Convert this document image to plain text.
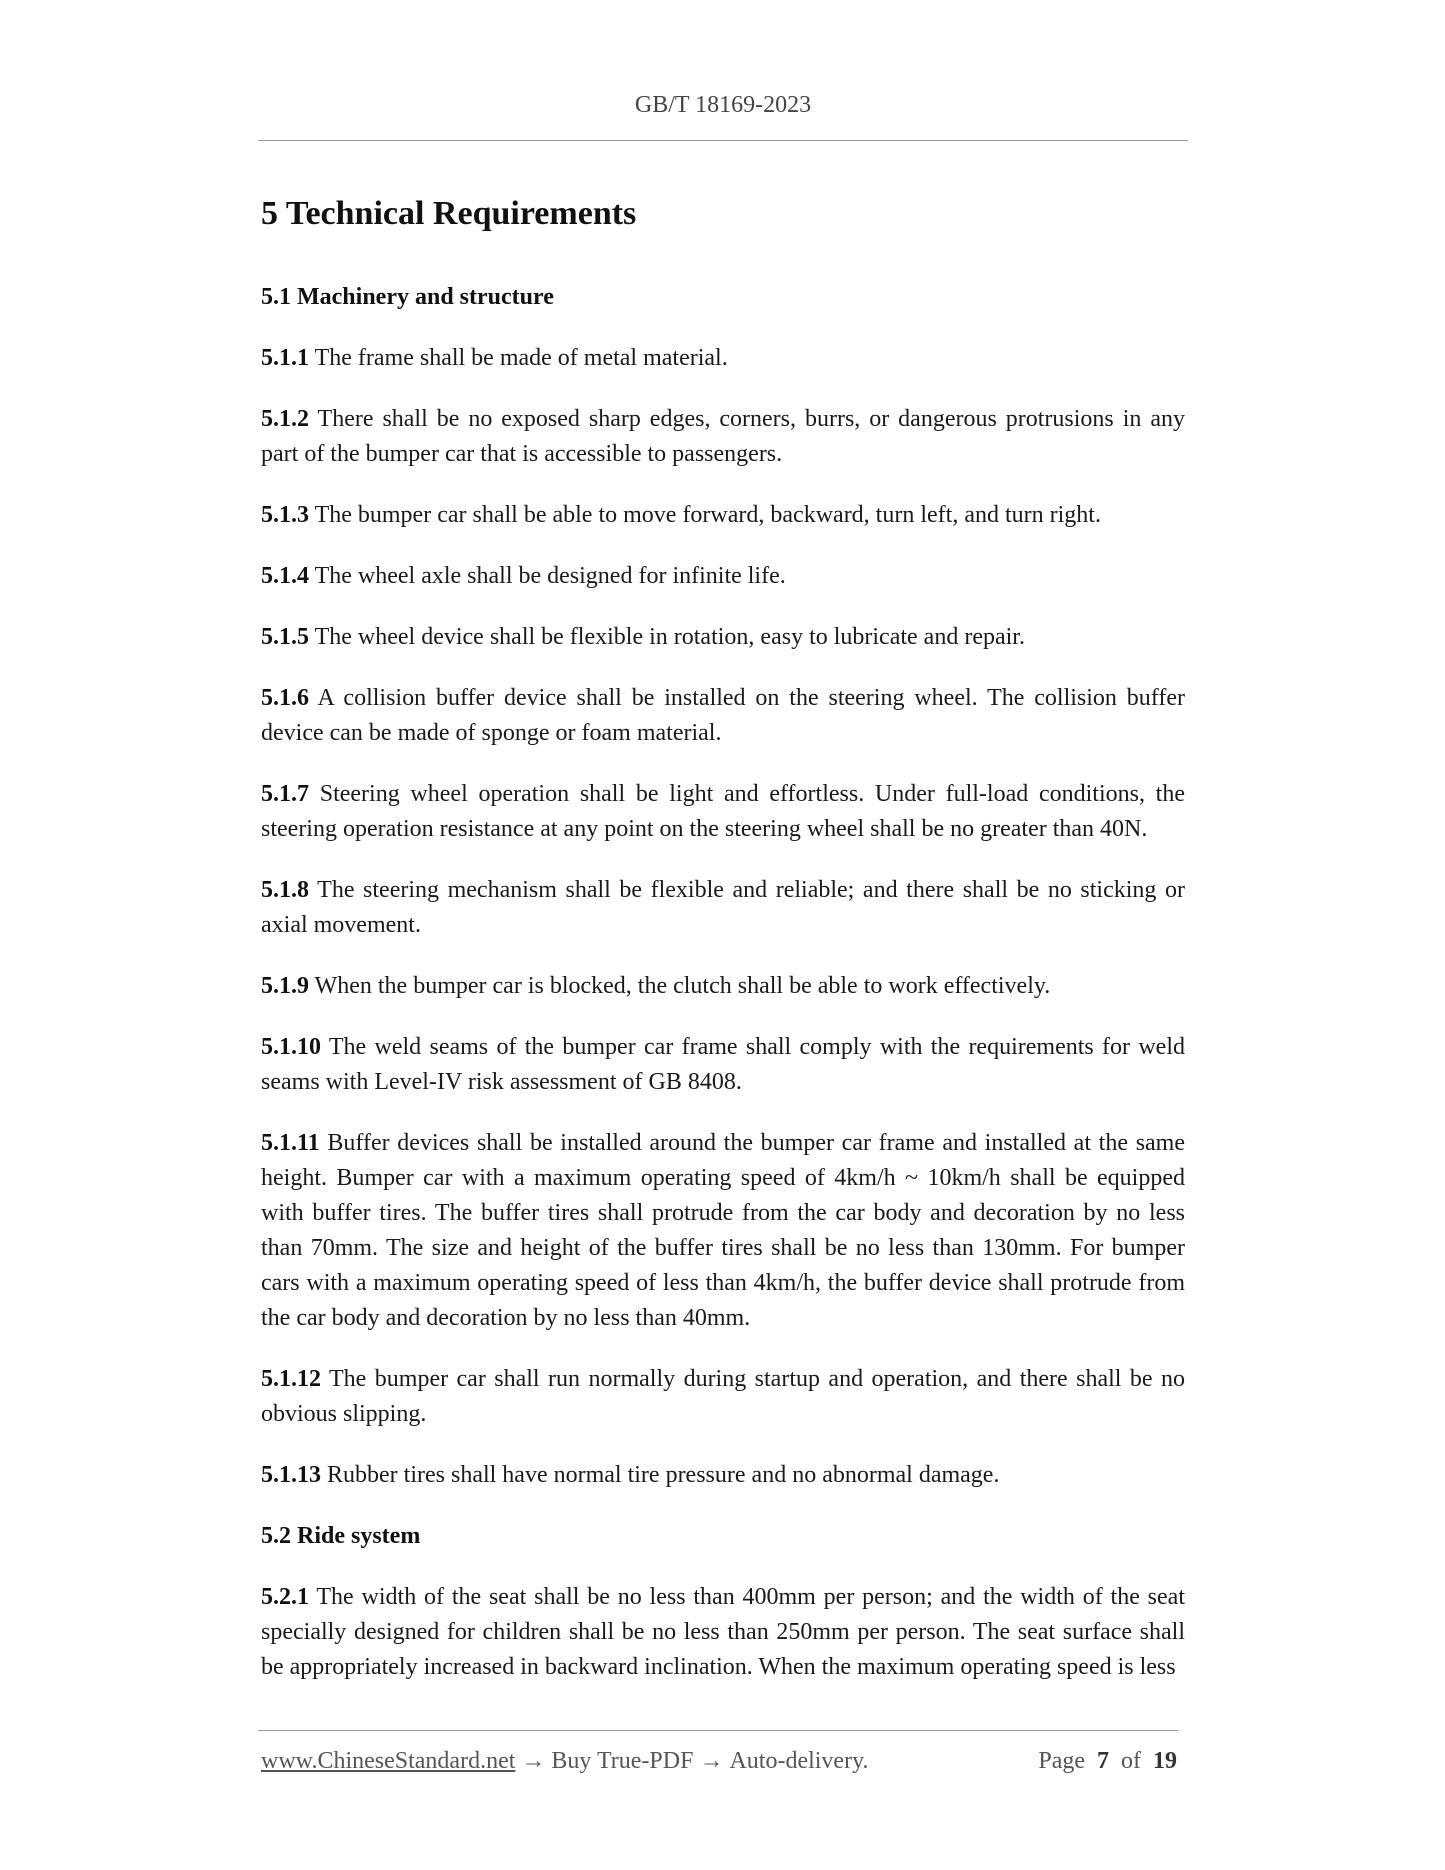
GB/T 18169-2023
5 Technical Requirements
5.1 Machinery and structure

5.1.1 The frame shall be made of metal material.

5.1.2 There shall be no exposed sharp edges, corners, burrs, or dangerous protrusions in any part of the bumper car that is accessible to passengers.

5.1.3 The bumper car shall be able to move forward, backward, turn left, and turn right.

5.1.4 The wheel axle shall be designed for infinite life.

5.1.5 The wheel device shall be flexible in rotation, easy to lubricate and repair.

5.1.6 A collision buffer device shall be installed on the steering wheel. The collision buffer device can be made of sponge or foam material.

5.1.7 Steering wheel operation shall be light and effortless. Under full-load conditions, the steering operation resistance at any point on the steering wheel shall be no greater than 40N.

5.1.8 The steering mechanism shall be flexible and reliable; and there shall be no sticking or axial movement.

5.1.9 When the bumper car is blocked, the clutch shall be able to work effectively.

5.1.10 The weld seams of the bumper car frame shall comply with the requirements for weld seams with Level-IV risk assessment of GB 8408.

5.1.11 Buffer devices shall be installed around the bumper car frame and installed at the same height. Bumper car with a maximum operating speed of 4km/h ~ 10km/h shall be equipped with buffer tires. The buffer tires shall protrude from the car body and decoration by no less than 70mm. The size and height of the buffer tires shall be no less than 130mm. For bumper cars with a maximum operating speed of less than 4km/h, the buffer device shall protrude from the car body and decoration by no less than 40mm.

5.1.12 The bumper car shall run normally during startup and operation, and there shall be no obvious slipping.

5.1.13 Rubber tires shall have normal tire pressure and no abnormal damage.

5.2 Ride system

5.2.1 The width of the seat shall be no less than 400mm per person; and the width of the seat specially designed for children shall be no less than 250mm per person. The seat surface shall be appropriately increased in backward inclination. When the maximum operating speed is less

www.ChineseStandard.net → Buy True-PDF → Auto-delivery.	Page 7 of 19
